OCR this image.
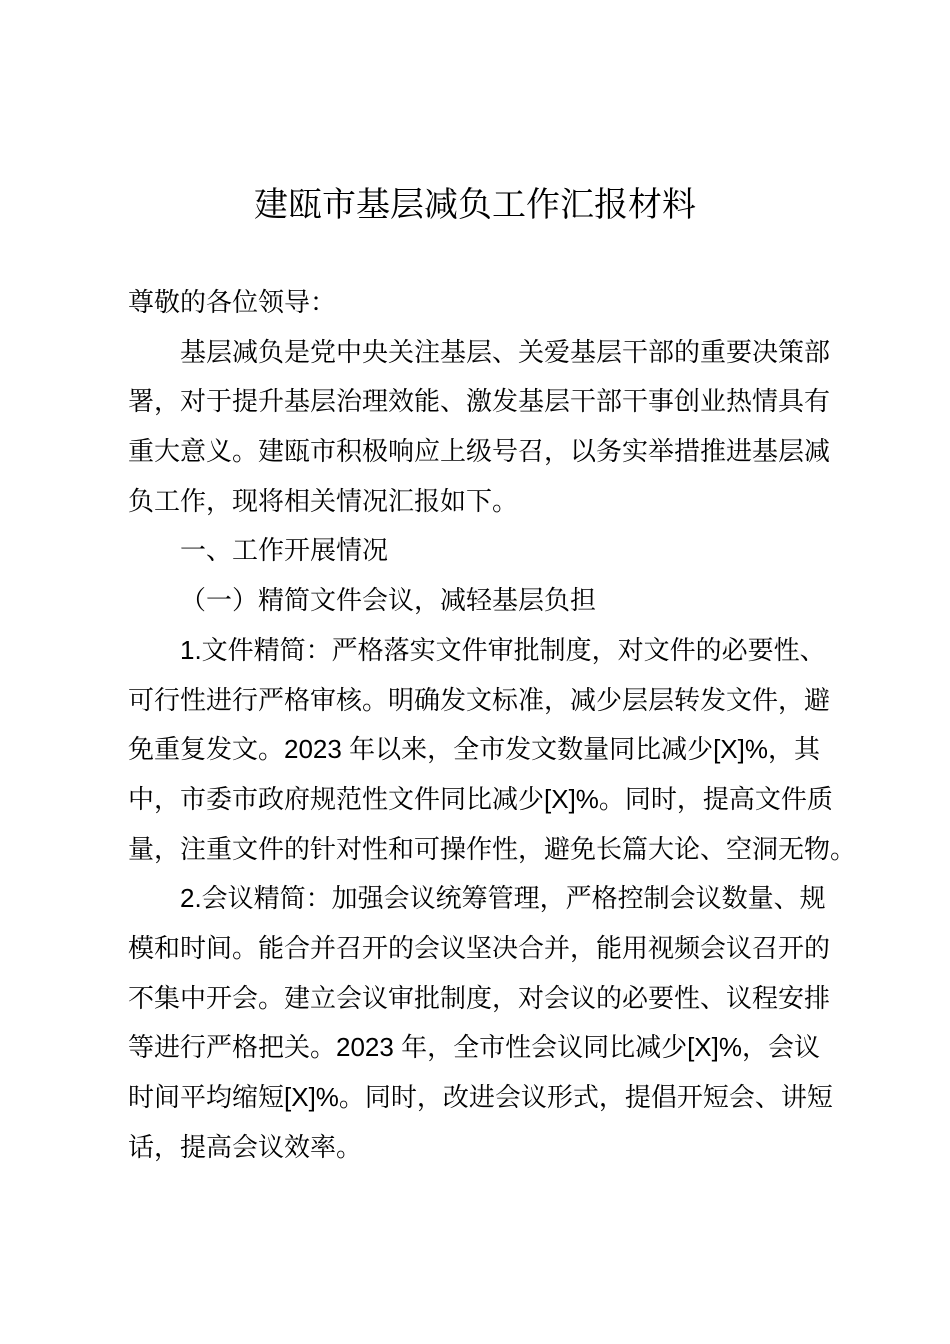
建瓯市基层减负工作汇报材料
尊敬的各位领导：
基层减负是党中央关注基层、关爱基层干部的重要决策部
署，对于提升基层治理效能、激发基层干部干事创业热情具有
重大意义。建瓯市积极响应上级号召，以务实举措推进基层减
负工作，现将相关情况汇报如下。
一、工作开展情况
（一）精简文件会议，减轻基层负担
1.文件精简：严格落实文件审批制度，对文件的必要性、
可行性进行严格审核。明确发文标准，减少层层转发文件，避
免重复发文。2023 年以来，全市发文数量同比减少[X]%，其
中，市委市政府规范性文件同比减少[X]%。同时，提高文件质
量，注重文件的针对性和可操作性，避免长篇大论、空洞无物。
2.会议精简：加强会议统筹管理，严格控制会议数量、规
模和时间。能合并召开的会议坚决合并，能用视频会议召开的
不集中开会。建立会议审批制度，对会议的必要性、议程安排
等进行严格把关。2023 年，全市性会议同比减少[X]%，会议
时间平均缩短[X]%。同时，改进会议形式，提倡开短会、讲短
话，提高会议效率。
